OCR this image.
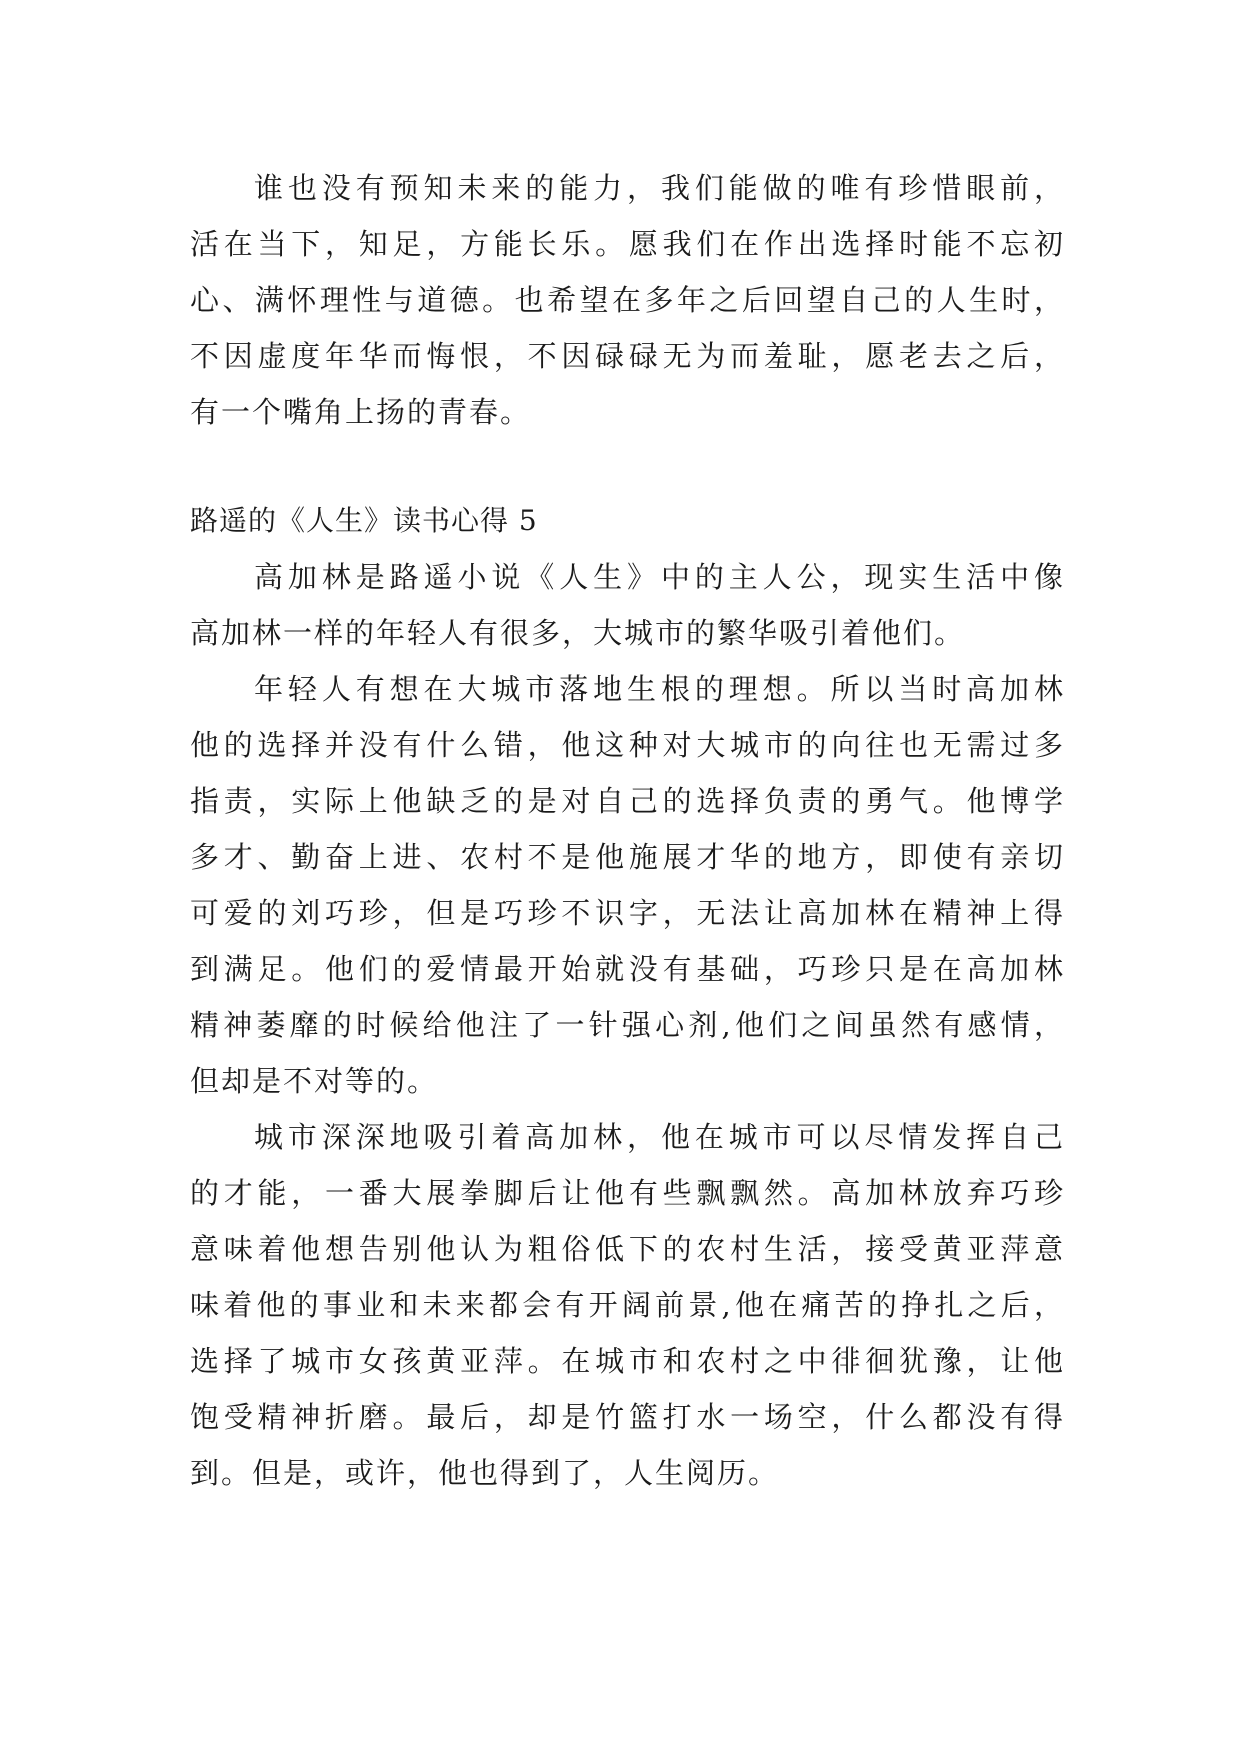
谁也没有预知未来的能力，我们能做的唯有珍惜眼前，
活在当下，知足，方能长乐。愿我们在作出选择时能不忘初
心、满怀理性与道德。也希望在多年之后回望自己的人生时，
不因虚度年华而悔恨，不因碌碌无为而羞耻，愿老去之后，
有一个嘴角上扬的青春。
路遥的《人生》读书心得 5
高加林是路遥小说《人生》中的主人公，现实生活中像
高加林一样的年轻人有很多，大城市的繁华吸引着他们。
年轻人有想在大城市落地生根的理想。所以当时高加林
他的选择并没有什么错，他这种对大城市的向往也无需过多
指责，实际上他缺乏的是对自己的选择负责的勇气。他博学
多才、勤奋上进、农村不是他施展才华的地方，即使有亲切
可爱的刘巧珍，但是巧珍不识字，无法让高加林在精神上得
到满足。他们的爱情最开始就没有基础，巧珍只是在高加林
精神萎靡的时候给他注了一针强心剂,他们之间虽然有感情，
但却是不对等的。
城市深深地吸引着高加林，他在城市可以尽情发挥自己
的才能，一番大展拳脚后让他有些飘飘然。高加林放弃巧珍
意味着他想告别他认为粗俗低下的农村生活，接受黄亚萍意
味着他的事业和未来都会有开阔前景,他在痛苦的挣扎之后，
选择了城市女孩黄亚萍。在城市和农村之中徘徊犹豫，让他
饱受精神折磨。最后，却是竹篮打水一场空，什么都没有得
到。但是，或许，他也得到了，人生阅历。
